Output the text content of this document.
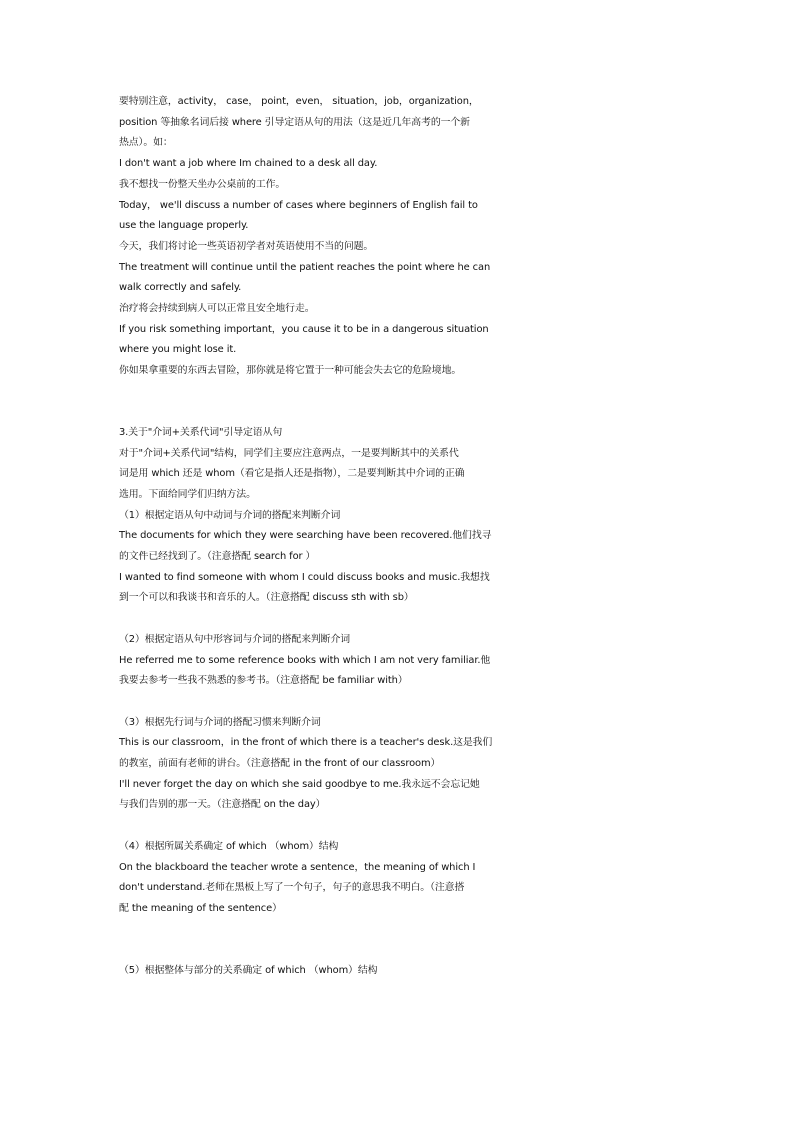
要特别注意，activity， case， point，even， situation，job，organization，
position 等抽象名词后接 where 引导定语从句的用法（这是近几年高考的一个新
热点）。如：
I don't want a job where Im chained to a desk all day.
我不想找一份整天坐办公桌前的工作。
Today， we'll discuss a number of cases where beginners of English fail to
use the language properly.
今天，我们将讨论一些英语初学者对英语使用不当的问题。
The treatment will continue until the patient reaches the point where he can
walk correctly and safely.
治疗将会持续到病人可以正常且安全地行走。
If you risk something important，you cause it to be in a dangerous situation
where you might lose it.
你如果拿重要的东西去冒险，那你就是将它置于一种可能会失去它的危险境地。
3.关于"介词+关系代词"引导定语从句
对于"介词+关系代词"结构，同学们主要应注意两点，一是要判断其中的关系代
词是用 which 还是 whom（看它是指人还是指物），二是要判断其中介词的正确
选用。下面给同学们归纳方法。
（1）根据定语从句中动词与介词的搭配来判断介词
The documents for which they were searching have been recovered.他们找寻
的文件已经找到了。（注意搭配 search for ）
I wanted to find someone with whom I could discuss books and music.我想找
到一个可以和我谈书和音乐的人。（注意搭配 discuss sth with sb）
（2）根据定语从句中形容词与介词的搭配来判断介词
He referred me to some reference books with which I am not very familiar.他
我要去参考一些我不熟悉的参考书。（注意搭配 be familiar with）
（3）根据先行词与介词的搭配习惯来判断介词
This is our classroom，in the front of which there is a teacher's desk.这是我们
的教室，前面有老师的讲台。（注意搭配 in the front of our classroom）
I'll never forget the day on which she said goodbye to me.我永远不会忘记她
与我们告别的那一天。（注意搭配 on the day）
（4）根据所属关系确定 of which （whom）结构
On the blackboard the teacher wrote a sentence，the meaning of which I
don't understand.老师在黑板上写了一个句子，句子的意思我不明白。（注意搭
配 the meaning of the sentence）
（5）根据整体与部分的关系确定 of which （whom）结构
